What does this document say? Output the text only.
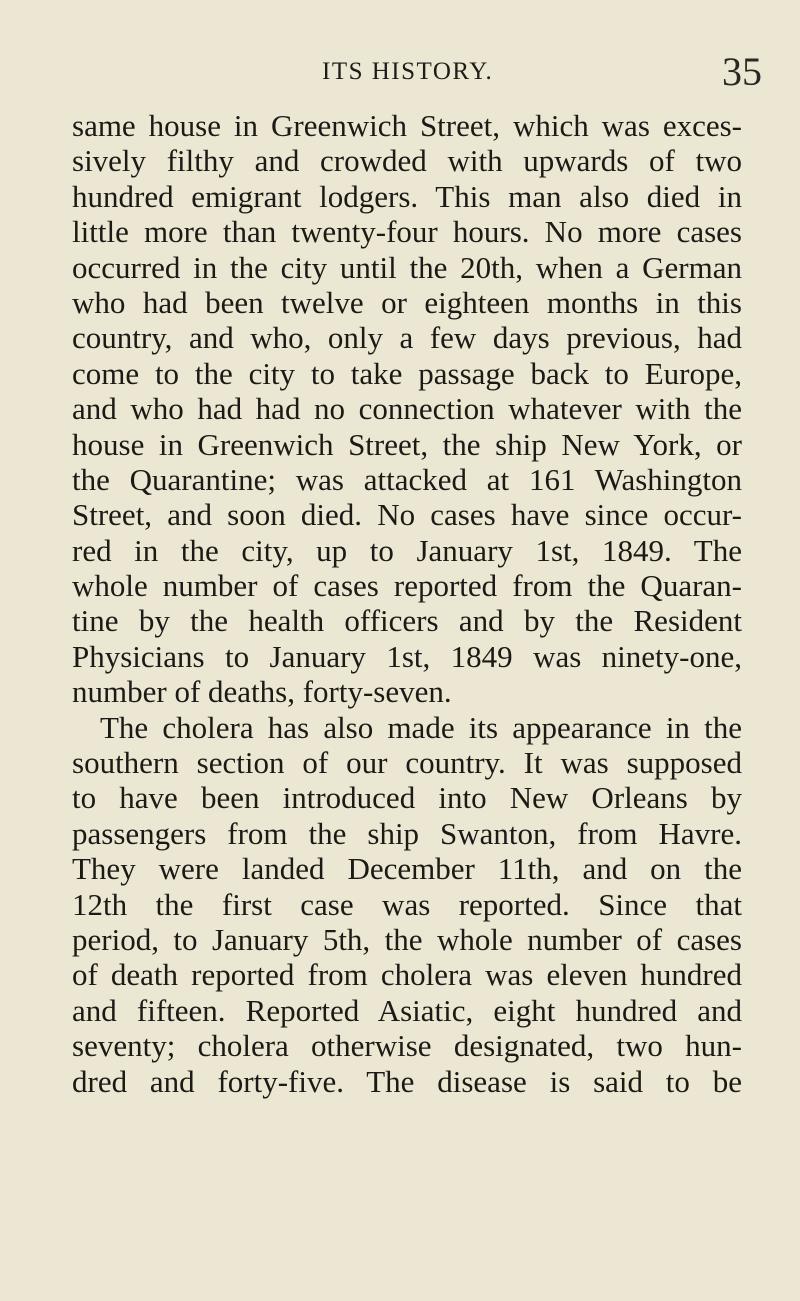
ITS HISTORY.	35
same house in Greenwich Street, which was exces-
sively filthy and crowded with upwards of two
hundred emigrant lodgers. This man also died in
little more than twenty-four hours. No more cases
occurred in the city until the 20th, when a German
who had been twelve or eighteen months in this
country, and who, only a few days previous, had
come to the city to take passage back to Europe,
and who had had no connection whatever with the
house in Greenwich Street, the ship New York, or
the Quarantine; was attacked at 161 Washington
Street, and soon died. No cases have since occur-
red in the city, up to January 1st, 1849. The
whole number of cases reported from the Quaran-
tine by the health officers and by the Resident
Physicians to January 1st, 1849 was ninety-one,
number of deaths, forty-seven.
The cholera has also made its appearance in the
southern section of our country. It was supposed
to have been introduced into New Orleans by
passengers from the ship Swanton, from Havre.
They were landed December 11th, and on the
12th the first case was reported. Since that
period, to January 5th, the whole number of cases
of death reported from cholera was eleven hundred
and fifteen. Reported Asiatic, eight hundred and
seventy; cholera otherwise designated, two hun-
dred and forty-five. The disease is said to be
